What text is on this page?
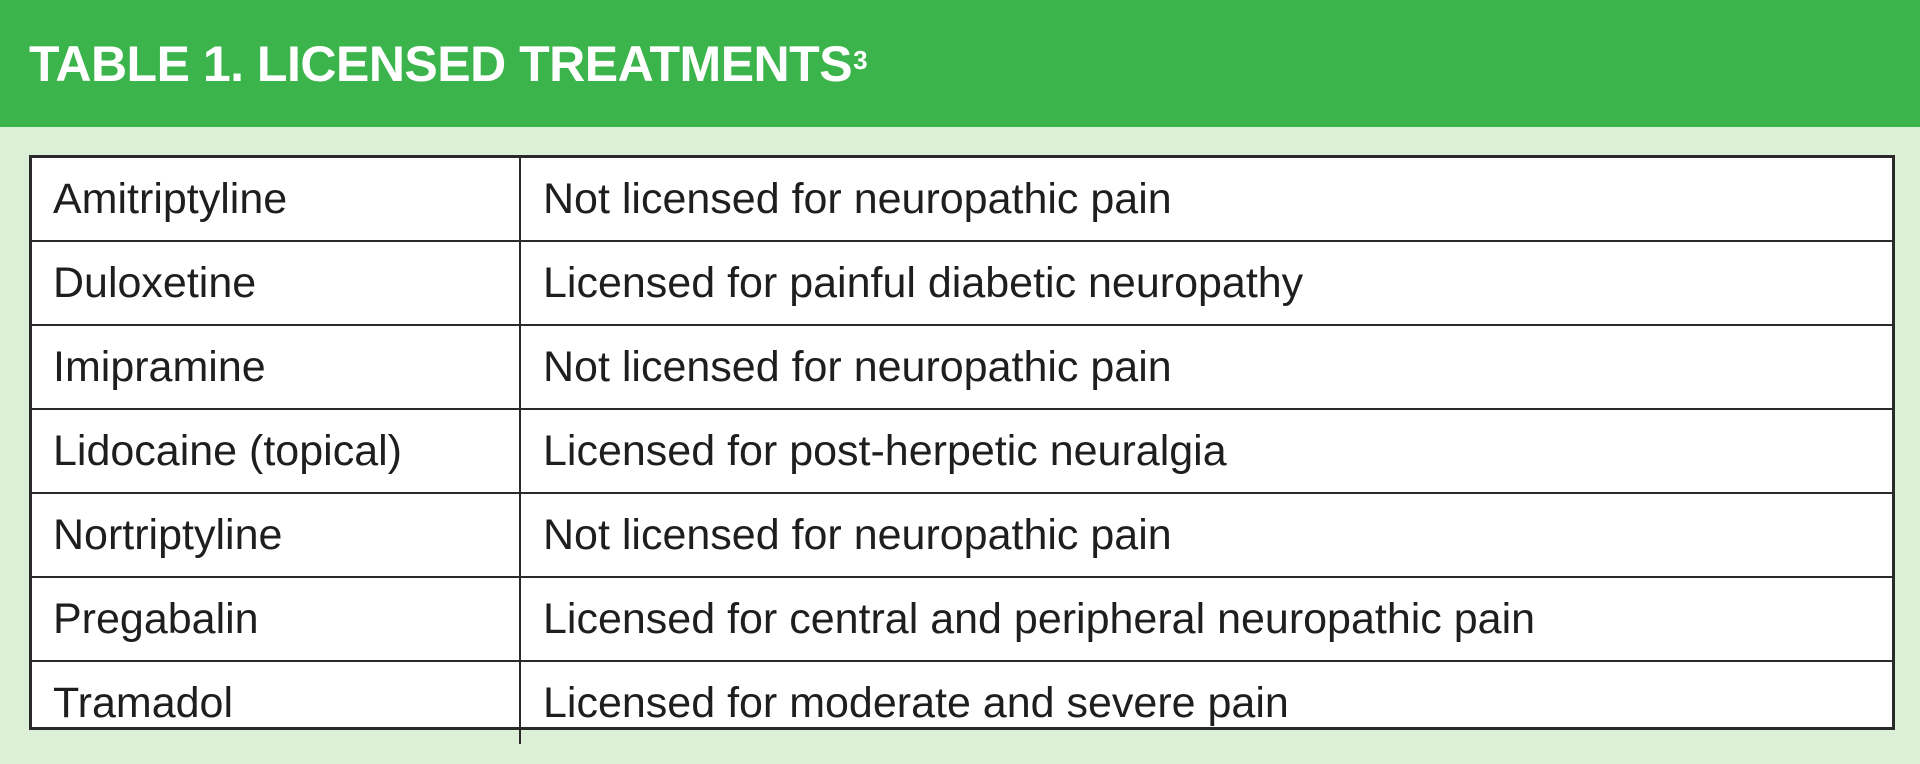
TABLE 1. LICENSED TREATMENTS$^3$
Amitriptyline	Not licensed for neuropathic pain
Duloxetine	Licensed for painful diabetic neuropathy
Imipramine	Not licensed for neuropathic pain
Lidocaine (topical)	Licensed for post-herpetic neuralgia
Nortriptyline	Not licensed for neuropathic pain
Pregabalin	Licensed for central and peripheral neuropathic pain
Tramadol	Licensed for moderate and severe pain
